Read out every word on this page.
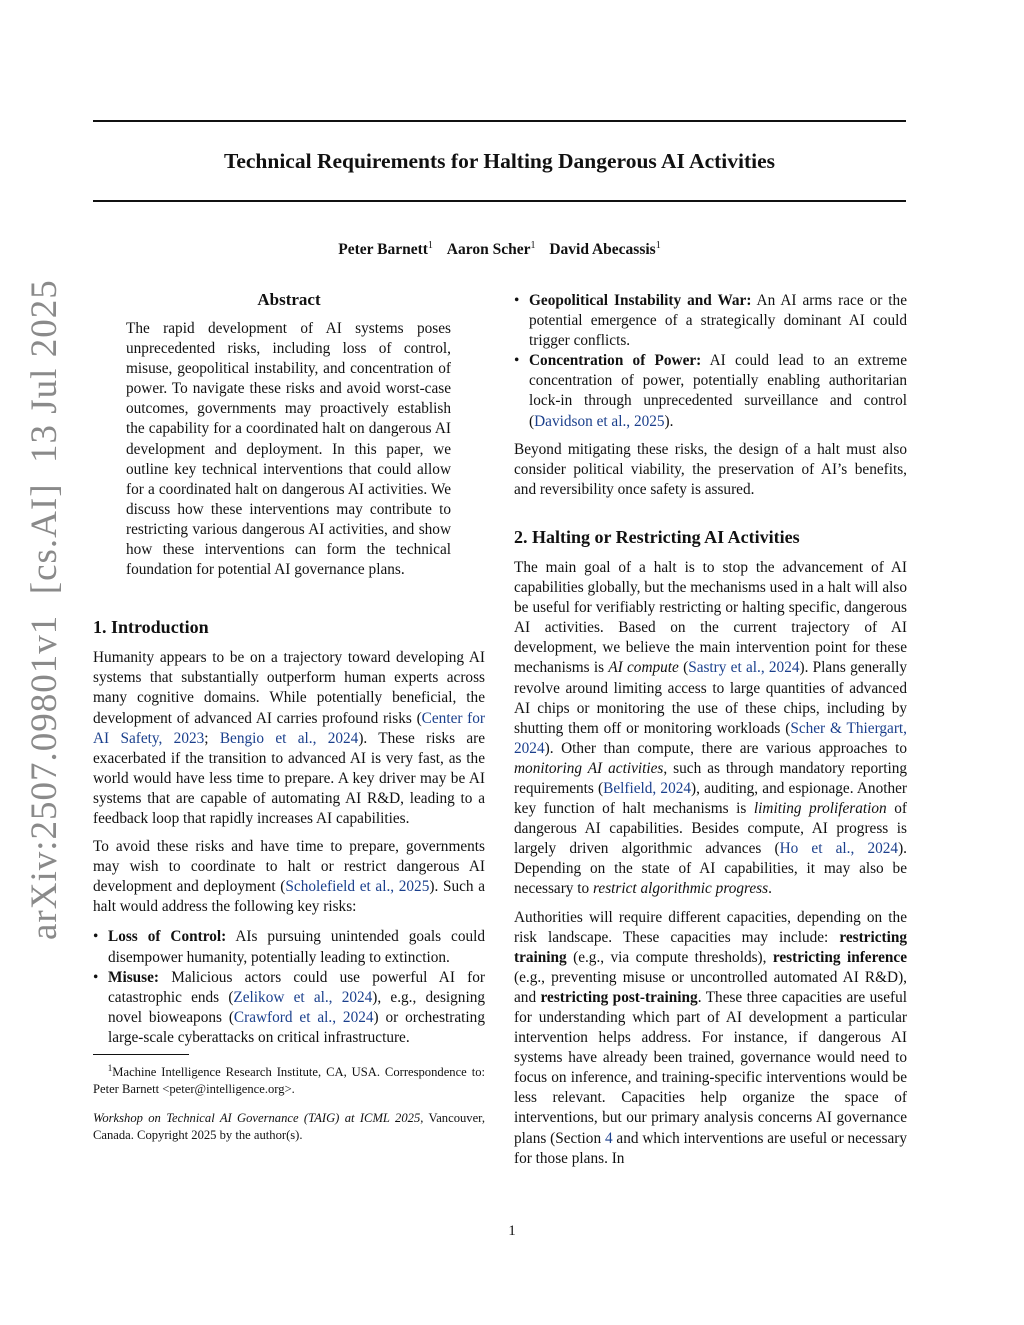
Technical Requirements for Halting Dangerous AI Activities
Peter Barnett$^1$ Aaron Scher$^1$ David Abecassis$^1$
arXiv:2507.09801v1  [cs.AI]  13 Jul 2025	Abstract

The rapid development of AI systems poses unprecedented risks, including loss of control, misuse, geopolitical instability, and concentration of power. To navigate these risks and avoid worst-case outcomes, governments may proactively establish the capability for a coordinated halt on dangerous AI development and deployment. In this paper, we outline key technical interventions that could allow for a coordinated halt on dangerous AI activities. We discuss how these interventions may contribute to restricting various dangerous AI activities, and show how these interventions can form the technical foundation for potential AI governance plans.

1. Introduction

Humanity appears to be on a trajectory toward developing AI systems that substantially outperform human experts across many cognitive domains. While potentially beneficial, the development of advanced AI carries profound risks (Center for AI Safety, 2023; Bengio et al., 2024). These risks are exacerbated if the transition to advanced AI is very fast, as the world would have less time to prepare. A key driver may be AI systems that are capable of automating AI R&D, leading to a feedback loop that rapidly increases AI capabilities.

To avoid these risks and have time to prepare, governments may wish to coordinate to halt or restrict dangerous AI development and deployment (Scholefield et al., 2025). Such a halt would address the following key risks:

• Loss of Control: AIs pursuing unintended goals could disempower humanity, potentially leading to extinction.
• Misuse: Malicious actors could use powerful AI for catastrophic ends (Zelikow et al., 2024), e.g., designing novel bioweapons (Crawford et al., 2024) or orchestrating large-scale cyberattacks on critical infrastructure.

$^1$Machine Intelligence Research Institute, CA, USA. Correspondence to: Peter Barnett <peter@intelligence.org>.

Workshop on Technical AI Governance (TAIG) at ICML 2025, Vancouver, Canada. Copyright 2025 by the author(s).

• Geopolitical Instability and War: An AI arms race or the potential emergence of a strategically dominant AI could trigger conflicts.
• Concentration of Power: AI could lead to an extreme concentration of power, potentially enabling authoritarian lock-in through unprecedented surveillance and control (Davidson et al., 2025).

Beyond mitigating these risks, the design of a halt must also consider political viability, the preservation of AI’s benefits, and reversibility once safety is assured.

2. Halting or Restricting AI Activities

The main goal of a halt is to stop the advancement of AI capabilities globally, but the mechanisms used in a halt will also be useful for verifiably restricting or halting specific, dangerous AI activities. Based on the current trajectory of AI development, we believe the main intervention point for these mechanisms is AI compute (Sastry et al., 2024). Plans generally revolve around limiting access to large quantities of advanced AI chips or monitoring the use of these chips, including by shutting them off or monitoring workloads (Scher & Thiergart, 2024). Other than compute, there are various approaches to monitoring AI activities, such as through mandatory reporting requirements (Belfield, 2024), auditing, and espionage. Another key function of halt mechanisms is limiting proliferation of dangerous AI capabilities. Besides compute, AI progress is largely driven algorithmic advances (Ho et al., 2024). Depending on the state of AI capabilities, it may also be necessary to restrict algorithmic progress.

Authorities will require different capacities, depending on the risk landscape. These capacities may include: restricting training (e.g., via compute thresholds), restricting inference (e.g., preventing misuse or uncontrolled automated AI R&D), and restricting post-training. These three capacities are useful for understanding which part of AI development a particular intervention helps address. For instance, if dangerous AI systems have already been trained, governance would need to focus on inference, and training-specific interventions would be less relevant. Capacities help organize the space of interventions, but our primary analysis concerns AI governance plans (Section 4 and which interventions are useful or necessary for those plans. In

1
